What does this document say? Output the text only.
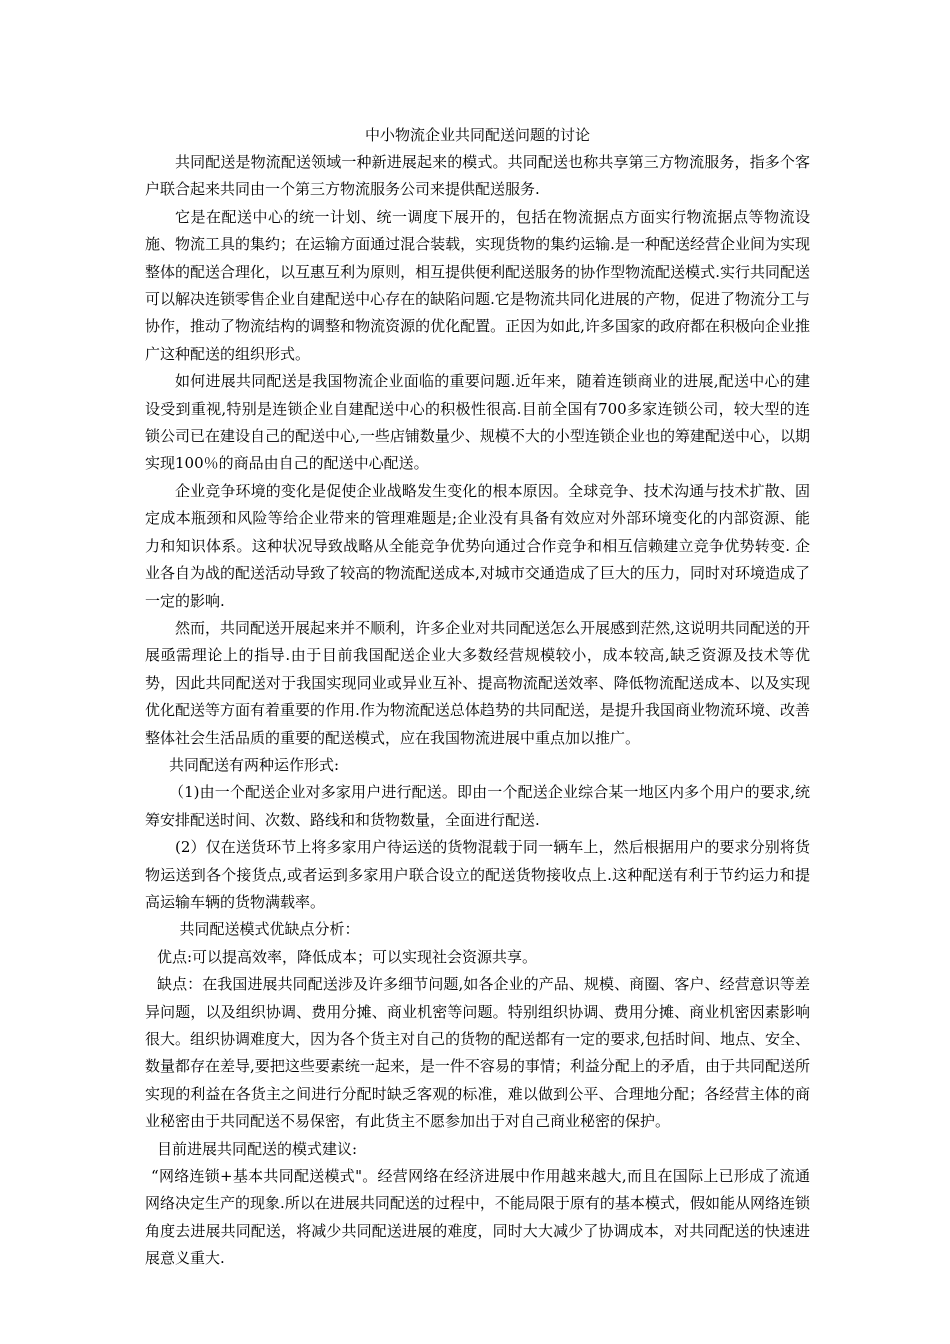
中小物流企业共同配送问题的讨论

共同配送是物流配送领域一种新进展起来的模式。共同配送也称共享第三方物流服务，指多个客户联合起来共同由一个第三方物流服务公司来提供配送服务.

它是在配送中心的统一计划、统一调度下展开的，包括在物流据点方面实行物流据点等物流设施、物流工具的集约；在运输方面通过混合装载，实现货物的集约运输.是一种配送经营企业间为实现整体的配送合理化，以互惠互利为原则，相互提供便利配送服务的协作型物流配送模式.实行共同配送可以解决连锁零售企业自建配送中心存在的缺陷问题.它是物流共同化进展的产物，促进了物流分工与协作，推动了物流结构的调整和物流资源的优化配置。正因为如此,许多国家的政府都在积极向企业推广这种配送的组织形式。

如何进展共同配送是我国物流企业面临的重要问题.近年来，随着连锁商业的进展,配送中心的建设受到重视,特别是连锁企业自建配送中心的积极性很高.目前全国有700多家连锁公司，较大型的连锁公司已在建设自己的配送中心,一些店铺数量少、规模不大的小型连锁企业也的筹建配送中心，以期实现100％的商品由自己的配送中心配送。

企业竞争环境的变化是促使企业战略发生变化的根本原因。全球竞争、技术沟通与技术扩散、固定成本瓶颈和风险等给企业带来的管理难题是;企业没有具备有效应对外部环境变化的内部资源、能力和知识体系。这种状况导致战略从全能竞争优势向通过合作竞争和相互信赖建立竞争优势转变. 企业各自为战的配送活动导致了较高的物流配送成本,对城市交通造成了巨大的压力，同时对环境造成了一定的影响.

然而，共同配送开展起来并不顺利，许多企业对共同配送怎么开展感到茫然,这说明共同配送的开展亟需理论上的指导.由于目前我国配送企业大多数经营规模较小，成本较高,缺乏资源及技术等优势，因此共同配送对于我国实现同业或异业互补、提高物流配送效率、降低物流配送成本、以及实现优化配送等方面有着重要的作用.作为物流配送总体趋势的共同配送，是提升我国商业物流环境、改善整体社会生活品质的重要的配送模式，应在我国物流进展中重点加以推广。

共同配送有两种运作形式:

（1)由一个配送企业对多家用户进行配送。即由一个配送企业综合某一地区内多个用户的要求,统筹安排配送时间、次数、路线和和货物数量，全面进行配送.

(2）仅在送货环节上将多家用户待运送的货物混载于同一辆车上，然后根据用户的要求分别将货物运送到各个接货点,或者运到多家用户联合设立的配送货物接收点上.这种配送有利于节约运力和提高运输车辆的货物满载率。

共同配送模式优缺点分析：

优点:可以提高效率，降低成本；可以实现社会资源共享。

缺点：在我国进展共同配送涉及许多细节问题,如各企业的产品、规模、商圈、客户、经营意识等差异问题，以及组织协调、费用分摊、商业机密等问题。特别组织协调、费用分摊、商业机密因素影响很大。组织协调难度大，因为各个货主对自己的货物的配送都有一定的要求,包括时间、地点、安全、数量都存在差导,要把这些要素统一起来，是一件不容易的事情；利益分配上的矛盾，由于共同配送所实现的利益在各货主之间进行分配时缺乏客观的标准，难以做到公平、合理地分配；各经营主体的商业秘密由于共同配送不易保密，有此货主不愿参加出于对自己商业秘密的保护。

目前进展共同配送的模式建议:

“网络连锁+基本共同配送模式"。经营网络在经济进展中作用越来越大,而且在国际上已形成了流通网络决定生产的现象.所以在进展共同配送的过程中，不能局限于原有的基本模式，假如能从网络连锁角度去进展共同配送，将减少共同配送进展的难度，同时大大减少了协调成本，对共同配送的快速进展意义重大.
